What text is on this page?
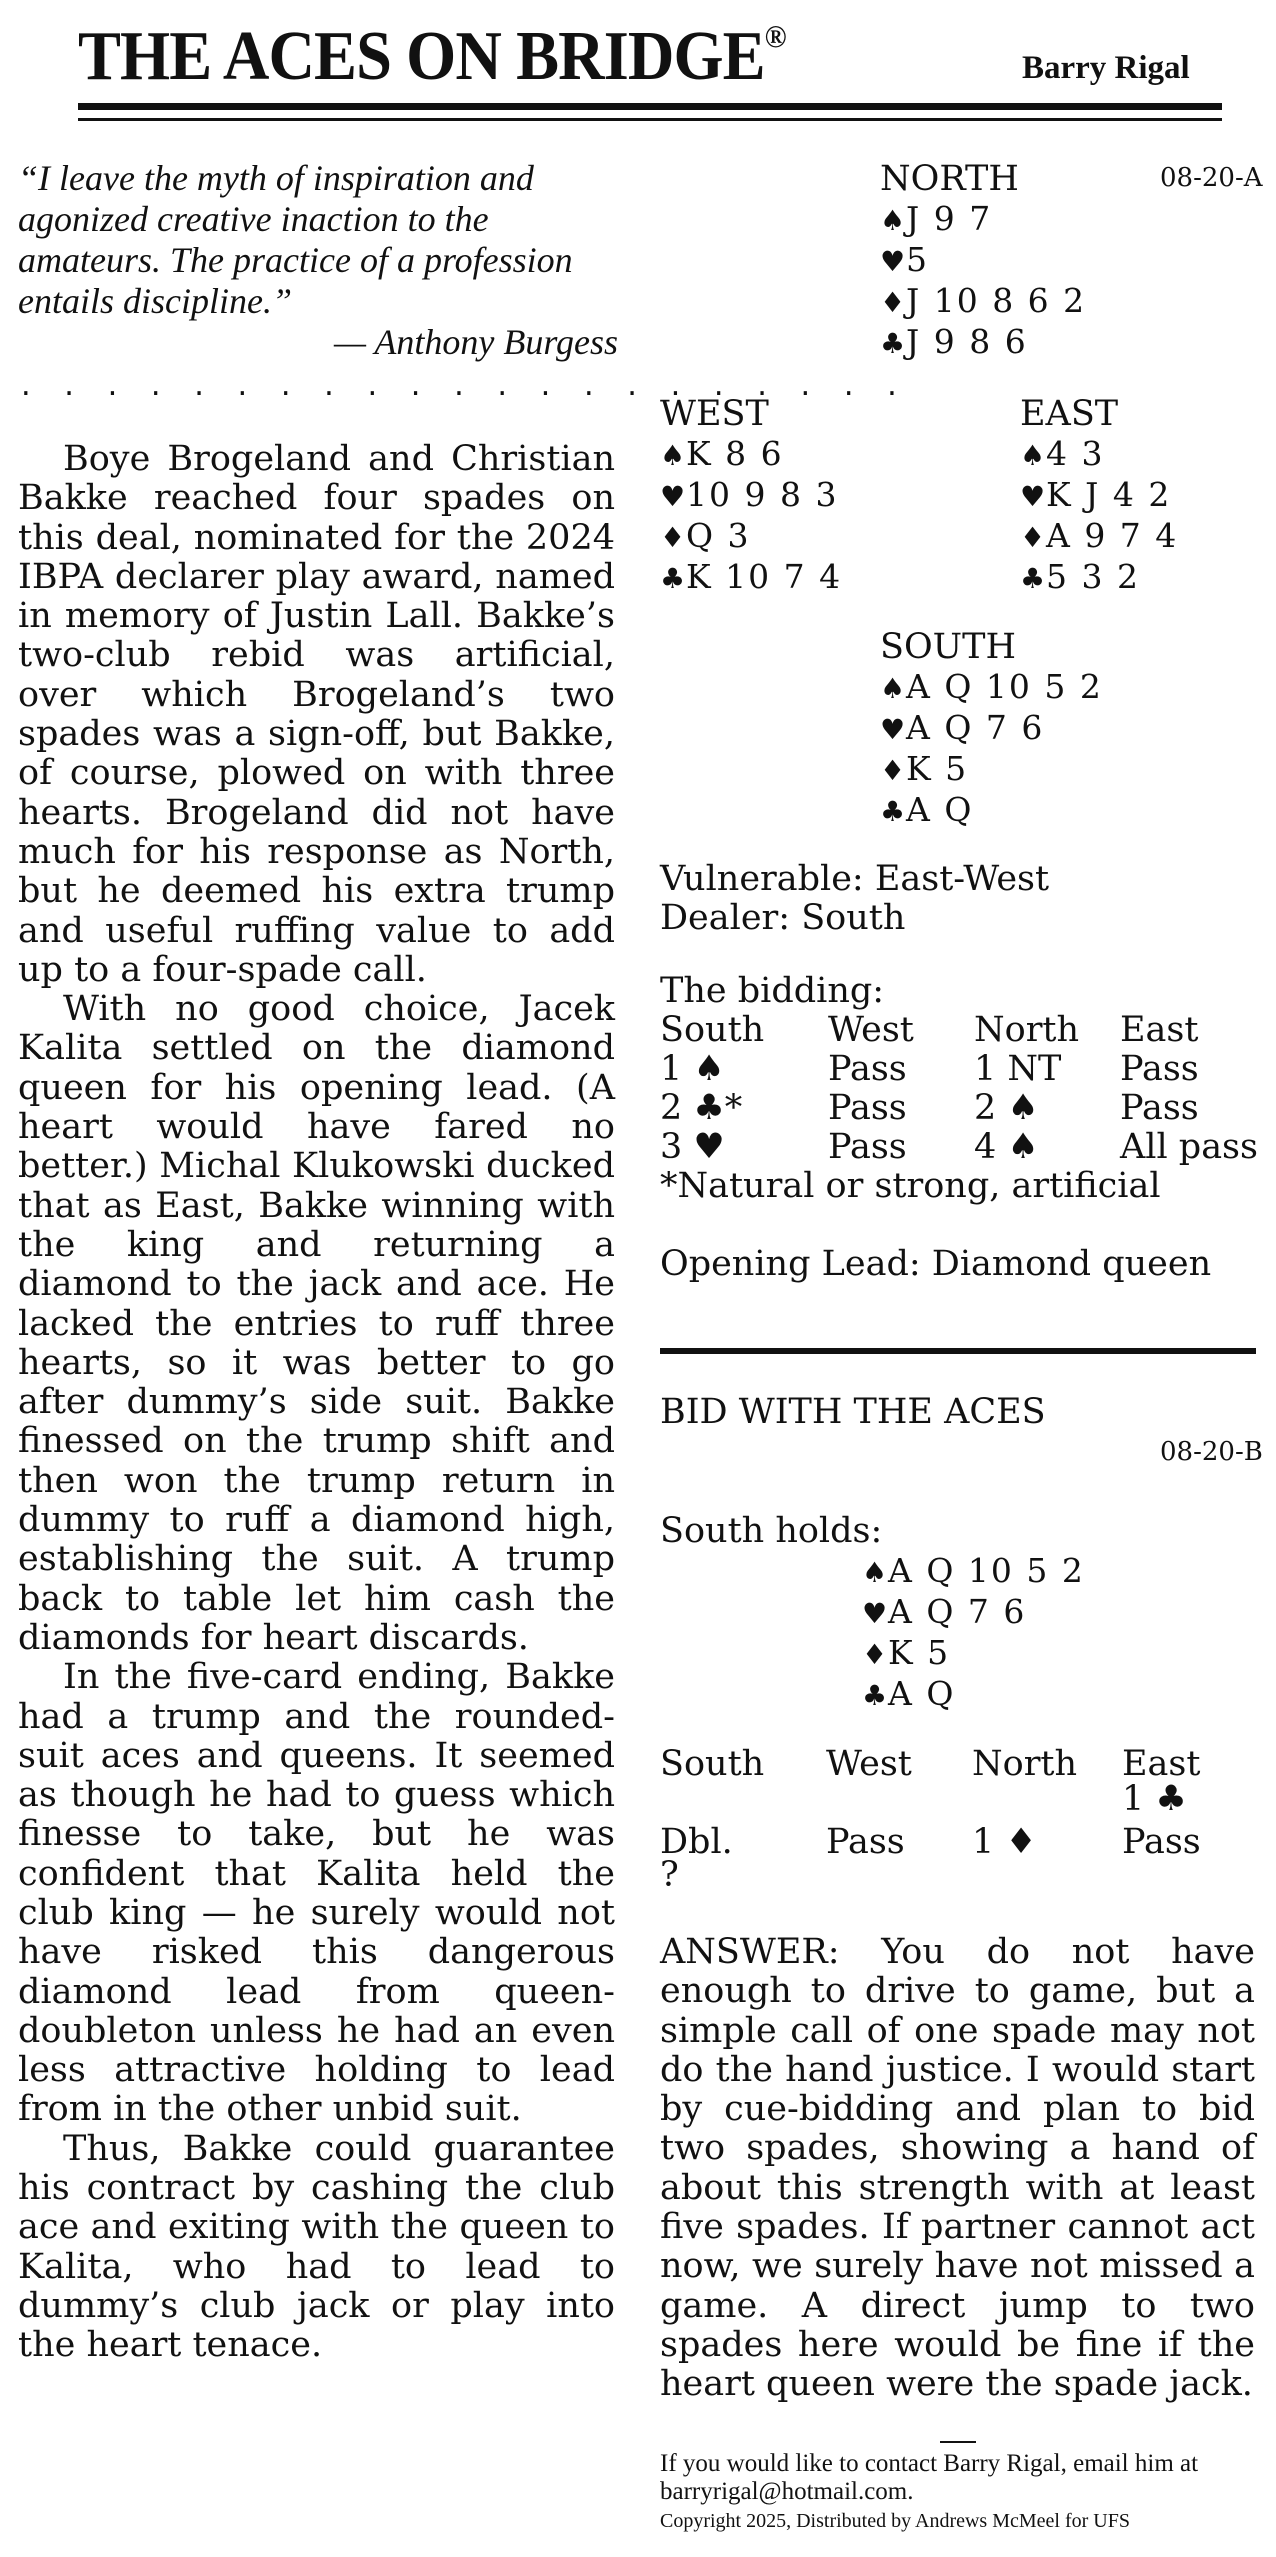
THE ACES ON BRIDGE®
Barry Rigal
“I leave the myth of inspiration and agonized creative inaction to the amateurs. The practice of a profession entails discipline.”
— Anthony Burgess
. . . . . . . . . . . . . . . . . . . . .

Boye Brogeland and Christian Bakke reached four spades on this deal, nominated for the 2024 IBPA declarer play award, named in memory of Justin Lall. Bakke’s two-club rebid was artificial, over which Brogeland’s two spades was a sign-off, but Bakke, of course, plowed on with three hearts. Brogeland did not have much for his response as North, but he deemed his extra trump and useful ruffing value to add up to a four-spade call.

With no good choice, Jacek Kalita settled on the diamond queen for his opening lead. (A heart would have fared no better.) Michal Klukowski ducked that as East, Bakke winning with the king and returning a diamond to the jack and ace. He lacked the entries to ruff three hearts, so it was better to go after dummy’s side suit. Bakke finessed on the trump shift and then won the trump return in dummy to ruff a diamond high, establishing the suit. A trump back to table let him cash the diamonds for heart discards.

In the five-card ending, Bakke had a trump and the rounded-suit aces and queens. It seemed as though he had to guess which finesse to take, but he was confident that Kalita held the club king — he surely would not have risked this dangerous diamond lead from queen-doubleton unless he had an even less attractive holding to lead from in the other unbid suit.

Thus, Bakke could guarantee his contract by cashing the club ace and exiting with the queen to Kalita, who had to lead to dummy’s club jack or play into the heart tenace.

08-20-A
NORTH
♠J 9 7
♥5
♦J 10 8 6 2
♣J 9 8 6
WEST
♠K 8 6
♥10 9 8 3
♦Q 3
♣K 10 7 4
EAST
♠4 3
♥K J 4 2
♦A 9 7 4
♣5 3 2
SOUTH
♠A Q 10 5 2
♥A Q 7 6
♦K 5
♣A Q
Vulnerable: East-West
Dealer: South
The bidding:
South	West	North	East
1 ♠	Pass	1 NT	Pass
2 ♣*	Pass	2 ♠	Pass
3 ♥	Pass	4 ♠	All pass
*Natural or strong, artificial
Opening Lead: Diamond queen
BID WITH THE ACES
08-20-B
South holds:
♠A Q 10 5 2
♥A Q 7 6
♦K 5
♣A Q
South	West	North	East
			1 ♣
Dbl.	Pass	1 ♦	Pass
?			

ANSWER: You do not have enough to drive to game, but a simple call of one spade may not do the hand justice. I would start by cue-bidding and plan to bid two spades, showing a hand of about this strength with at least five spades. If partner cannot act now, we surely have not missed a game. A direct jump to two spades here would be fine if the heart queen were the spade jack.

If you would like to contact Barry Rigal, email him at barryrigal@hotmail.com.
Copyright 2025, Distributed by Andrews McMeel for UFS
